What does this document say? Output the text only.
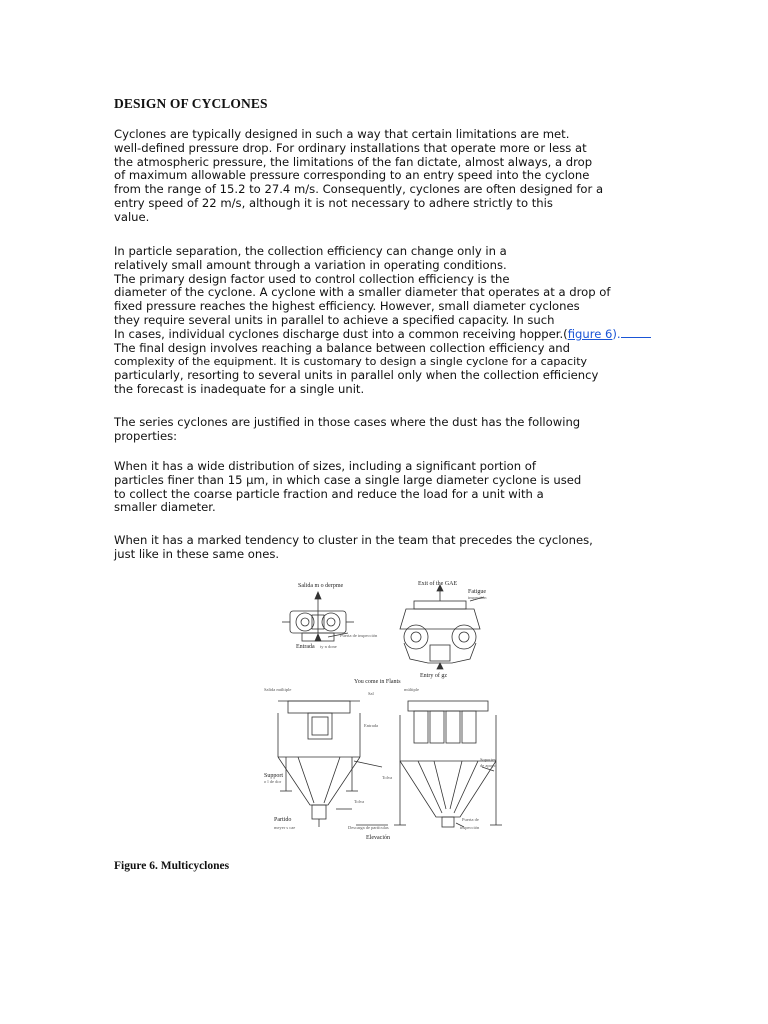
DESIGN OF CYCLONES
Cyclones are typically designed in such a way that certain limitations are met.
well-defined pressure drop. For ordinary installations that operate more or less at
the atmospheric pressure, the limitations of the fan dictate, almost always, a drop
of maximum allowable pressure corresponding to an entry speed into the cyclone
from the range of 15.2 to 27.4 m/s. Consequently, cyclones are often designed for a
entry speed of 22 m/s, although it is not necessary to adhere strictly to this
value.
In particle separation, the collection efficiency can change only in a
relatively small amount through a variation in operating conditions.
The primary design factor used to control collection efficiency is the
diameter of the cyclone. A cyclone with a smaller diameter that operates at a drop of
fixed pressure reaches the highest efficiency. However, small diameter cyclones
they require several units in parallel to achieve a specified capacity. In such
In cases, individual cyclones discharge dust into a common receiving hopper.(figure 6).
The final design involves reaching a balance between collection efficiency and
complexity of the equipment. It is customary to design a single cyclone for a capacity
particularly, resorting to several units in parallel only when the collection efficiency
the forecast is inadequate for a single unit.
The series cyclones are justified in those cases where the dust has the following
properties:
When it has a wide distribution of sizes, including a significant portion of
particles finer than 15 µm, in which case a single large diameter cyclone is used
to collect the coarse particle fraction and reduce the load for a unit with a
smaller diameter.
When it has a marked tendency to cluster in the team that precedes the cyclones,
just like in these same ones.
Salida m o derpme	Exit of the GAE
Fatigue
inspection
Puerta de inspección
Entrada ty n done
Entry of gz
You come in Flants
Salida múltiple
Sal
múltiple
Entrada
Support
o l de dor
Tolva
Soportes
de apoyo
Tolva
Partido
meyer s cae	Descarga de partículas
Puerta de
inspección
Elevación
Figure 6. Multicyclones
